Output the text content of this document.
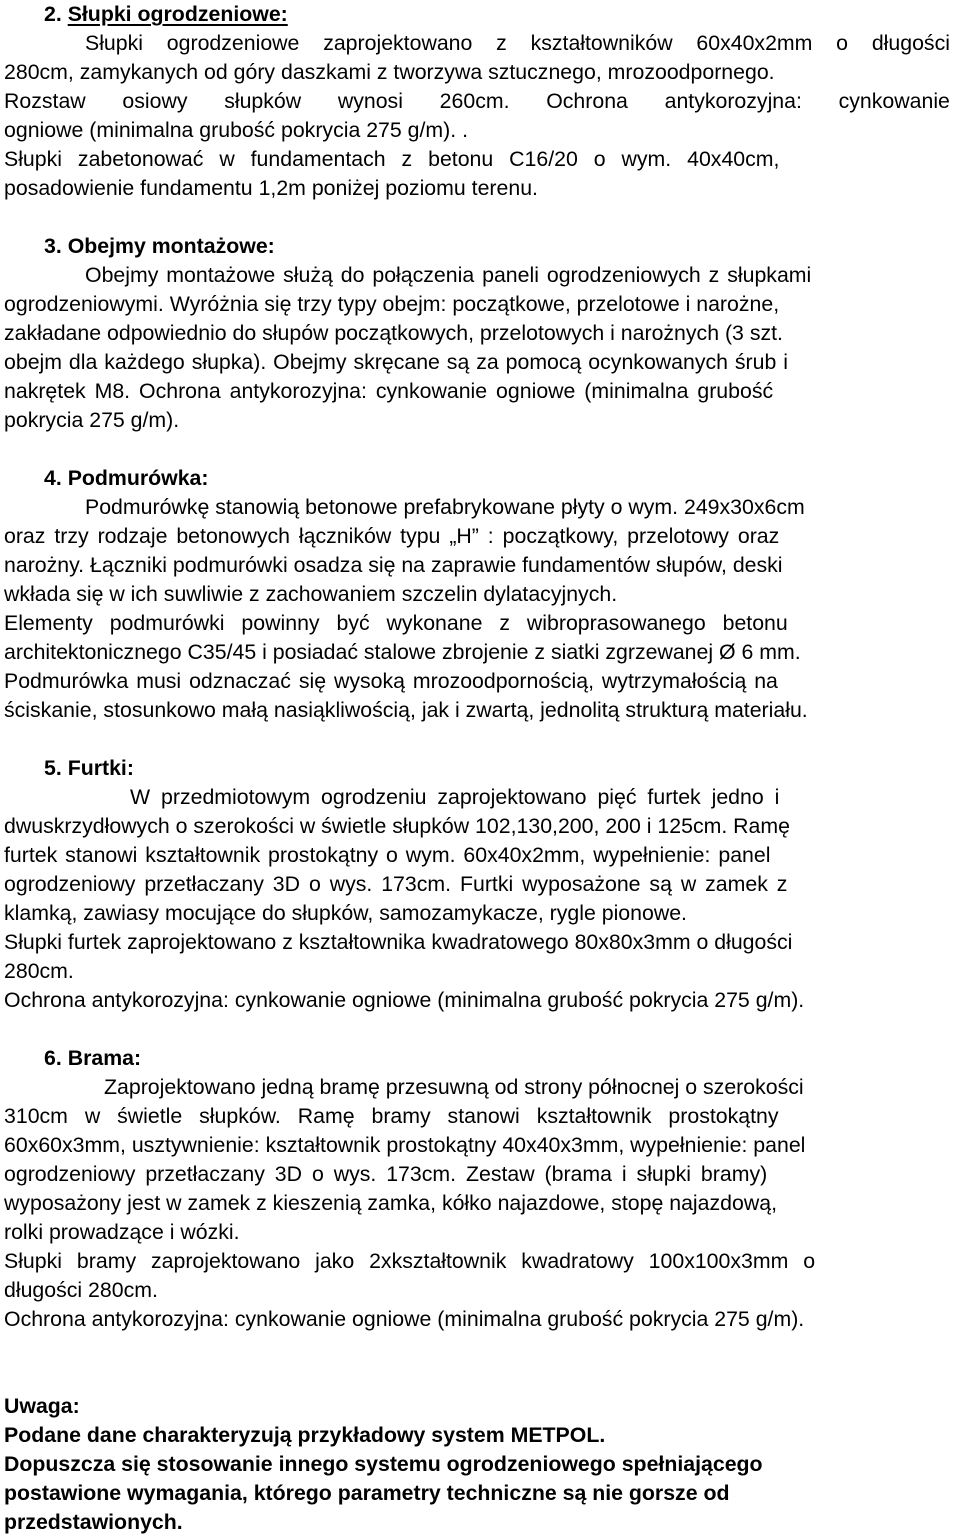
2. Słupki ogrodzeniowe:
Słupki ogrodzeniowe zaprojektowano z kształtowników 60x40x2mm o długości
280cm, zamykanych od góry daszkami z tworzywa sztucznego, mrozoodpornego.
Rozstaw osiowy słupków wynosi 260cm. Ochrona antykorozyjna: cynkowanie
ogniowe (minimalna grubość pokrycia 275 g/m). .
Słupki zabetonować w fundamentach z betonu C16/20 o wym. 40x40cm,
posadowienie fundamentu 1,2m poniżej poziomu terenu.
3. Obejmy montażowe:
Obejmy montażowe służą do połączenia paneli ogrodzeniowych z słupkami
ogrodzeniowymi. Wyróżnia się trzy typy obejm: początkowe, przelotowe i narożne,
zakładane odpowiednio do słupów początkowych, przelotowych i narożnych (3 szt.
obejm dla każdego słupka). Obejmy skręcane są za pomocą ocynkowanych śrub i
nakrętek M8. Ochrona antykorozyjna: cynkowanie ogniowe (minimalna grubość
pokrycia 275 g/m).
4. Podmurówka:
Podmurówkę stanowią betonowe prefabrykowane płyty o wym. 249x30x6cm
oraz trzy rodzaje betonowych łączników typu „H” : początkowy, przelotowy oraz
narożny. Łączniki podmurówki osadza się na zaprawie fundamentów słupów, deski
wkłada się w ich suwliwie z zachowaniem szczelin dylatacyjnych.
Elementy podmurówki powinny być wykonane z wibroprasowanego betonu
architektonicznego C35/45 i posiadać stalowe zbrojenie z siatki zgrzewanej Ø 6 mm.
Podmurówka musi odznaczać się wysoką mrozoodpornością, wytrzymałością na
ściskanie, stosunkowo małą nasiąkliwością, jak i zwartą, jednolitą strukturą materiału.
5. Furtki:
W przedmiotowym ogrodzeniu zaprojektowano pięć furtek jedno i
dwuskrzydłowych o szerokości w świetle słupków 102,130,200, 200 i 125cm. Ramę
furtek stanowi kształtownik prostokątny o wym. 60x40x2mm, wypełnienie: panel
ogrodzeniowy przetłaczany 3D o wys. 173cm. Furtki wyposażone są w zamek z
klamką, zawiasy mocujące do słupków, samozamykacze, rygle pionowe.
Słupki furtek zaprojektowano z kształtownika kwadratowego 80x80x3mm o długości
280cm.
Ochrona antykorozyjna: cynkowanie ogniowe (minimalna grubość pokrycia 275 g/m).
6. Brama:
Zaprojektowano jedną bramę przesuwną od strony północnej o szerokości
310cm w świetle słupków. Ramę bramy stanowi kształtownik prostokątny
60x60x3mm, usztywnienie: kształtownik prostokątny 40x40x3mm, wypełnienie: panel
ogrodzeniowy przetłaczany 3D o wys. 173cm. Zestaw (brama i słupki bramy)
wyposażony jest w zamek z kieszenią zamka, kółko najazdowe, stopę najazdową,
rolki prowadzące i wózki.
Słupki bramy zaprojektowano jako 2xkształtownik kwadratowy 100x100x3mm o
długości 280cm.
Ochrona antykorozyjna: cynkowanie ogniowe (minimalna grubość pokrycia 275 g/m).
Uwaga:
Podane dane charakteryzują przykładowy system METPOL.
Dopuszcza się stosowanie innego systemu ogrodzeniowego spełniającego
postawione wymagania, którego parametry techniczne są nie gorsze od
przedstawionych.
